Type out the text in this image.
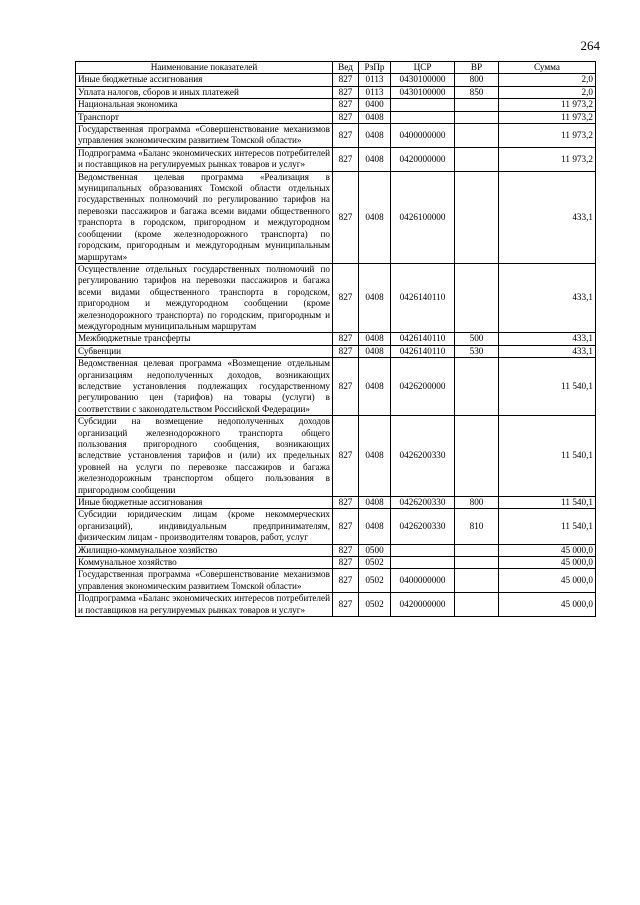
264
Наименование показателей	Вед	РзПр	ЦСР	ВР	Сумма
Иные бюджетные ассигнования	827	0113	0430100000	800	2,0
Уплата налогов, сборов и иных платежей	827	0113	0430100000	850	2,0
Национальная экономика	827	0400			11 973,2
Транспорт	827	0408			11 973,2
Государственная программа «Совершенствование механизмов управления экономическим развитием Томской области»	827	0408	0400000000		11 973,2
Подпрограмма «Баланс экономических интересов потребителей и поставщиков на регулируемых рынках товаров и услуг»	827	0408	0420000000		11 973,2
Ведомственная целевая программа «Реализация в муниципальных образованиях Томской области отдельных государственных полномочий по регулированию тарифов на перевозки пассажиров и багажа всеми видами общественного транспорта в городском, пригородном и междугородном сообщении (кроме железнодорожного транспорта) по городским, пригородным и междугородным муниципальным маршрутам»	827	0408	0426100000		433,1
Осуществление отдельных государственных полномочий по регулированию тарифов на перевозки пассажиров и багажа всеми видами общественного транспорта в городском, пригородном и междугородном сообщении (кроме железнодорожного транспорта) по городским, пригородным и междугородным муниципальным маршрутам	827	0408	0426140110		433,1
Межбюджетные трансферты	827	0408	0426140110	500	433,1
Субвенции	827	0408	0426140110	530	433,1
Ведомственная целевая программа «Возмещение отдельным организациям недополученных доходов, возникающих вследствие установления подлежащих государственному регулированию цен (тарифов) на товары (услуги) в соответствии с законодательством Российской Федерации»	827	0408	0426200000		11 540,1
Субсидии на возмещение недополученных доходов организаций железнодорожного транспорта общего пользования пригородного сообщения, возникающих вследствие установления тарифов и (или) их предельных уровней на услуги по перевозке пассажиров и багажа железнодорожным транспортом общего пользования в пригородном сообщении	827	0408	0426200330		11 540,1
Иные бюджетные ассигнования	827	0408	0426200330	800	11 540,1
Субсидии юридическим лицам (кроме некоммерческих организаций), индивидуальным предпринимателям, физическим лицам - производителям товаров, работ, услуг	827	0408	0426200330	810	11 540,1
Жилищно-коммунальное хозяйство	827	0500			45 000,0
Коммунальное хозяйство	827	0502			45 000,0
Государственная программа «Совершенствование механизмов управления экономическим развитием Томской области»	827	0502	0400000000		45 000,0
Подпрограмма «Баланс экономических интересов потребителей и поставщиков на регулируемых рынках товаров и услуг»	827	0502	0420000000		45 000,0
